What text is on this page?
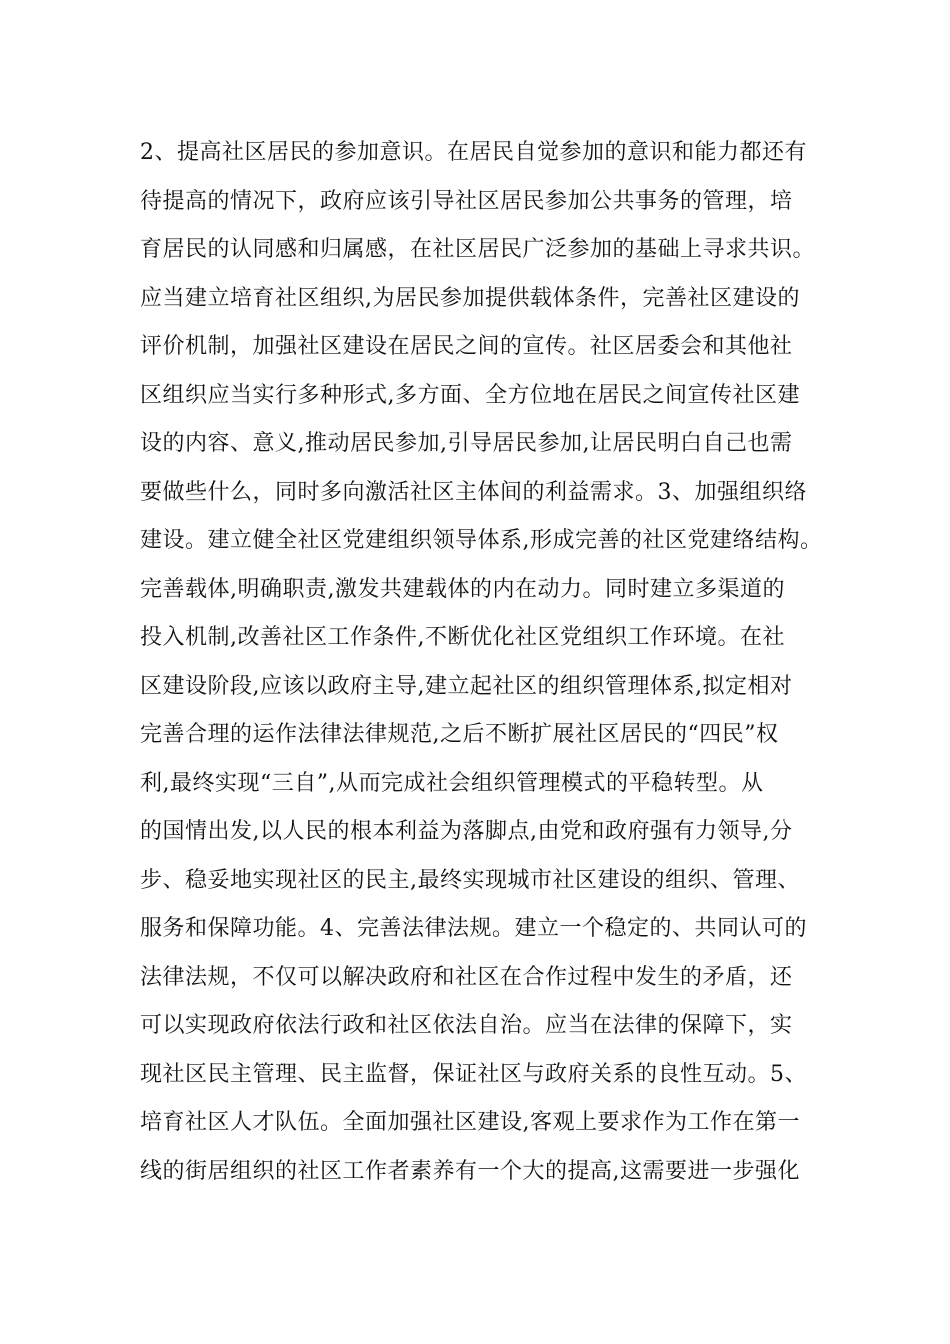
2、提高社区居民的参加意识。在居民自觉参加的意识和能力都还有
待提高的情况下，政府应该引导社区居民参加公共事务的管理，培
育居民的认同感和归属感，在社区居民广泛参加的基础上寻求共识。
应当建立培育社区组织,为居民参加提供载体条件，完善社区建设的
评价机制，加强社区建设在居民之间的宣传。社区居委会和其他社
区组织应当实行多种形式,多方面、全方位地在居民之间宣传社区建
设的内容、意义,推动居民参加,引导居民参加,让居民明白自己也需
要做些什么，同时多向激活社区主体间的利益需求。3、加强组织络
建设。建立健全社区党建组织领导体系,形成完善的社区党建络结构。
完善载体,明确职责,激发共建载体的内在动力。同时建立多渠道的
投入机制,改善社区工作条件,不断优化社区党组织工作环境。在社
区建设阶段,应该以政府主导,建立起社区的组织管理体系,拟定相对
完善合理的运作法律法律规范,之后不断扩展社区居民的“四民”权
利,最终实现“三自”,从而完成社会组织管理模式的平稳转型。从
的国情出发,以人民的根本利益为落脚点,由党和政府强有力领导,分
步、稳妥地实现社区的民主,最终实现城市社区建设的组织、管理、
服务和保障功能。4、完善法律法规。建立一个稳定的、共同认可的
法律法规，不仅可以解决政府和社区在合作过程中发生的矛盾，还
可以实现政府依法行政和社区依法自治。应当在法律的保障下，实
现社区民主管理、民主监督，保证社区与政府关系的良性互动。5、
培育社区人才队伍。全面加强社区建设,客观上要求作为工作在第一
线的街居组织的社区工作者素养有一个大的提高,这需要进一步强化
